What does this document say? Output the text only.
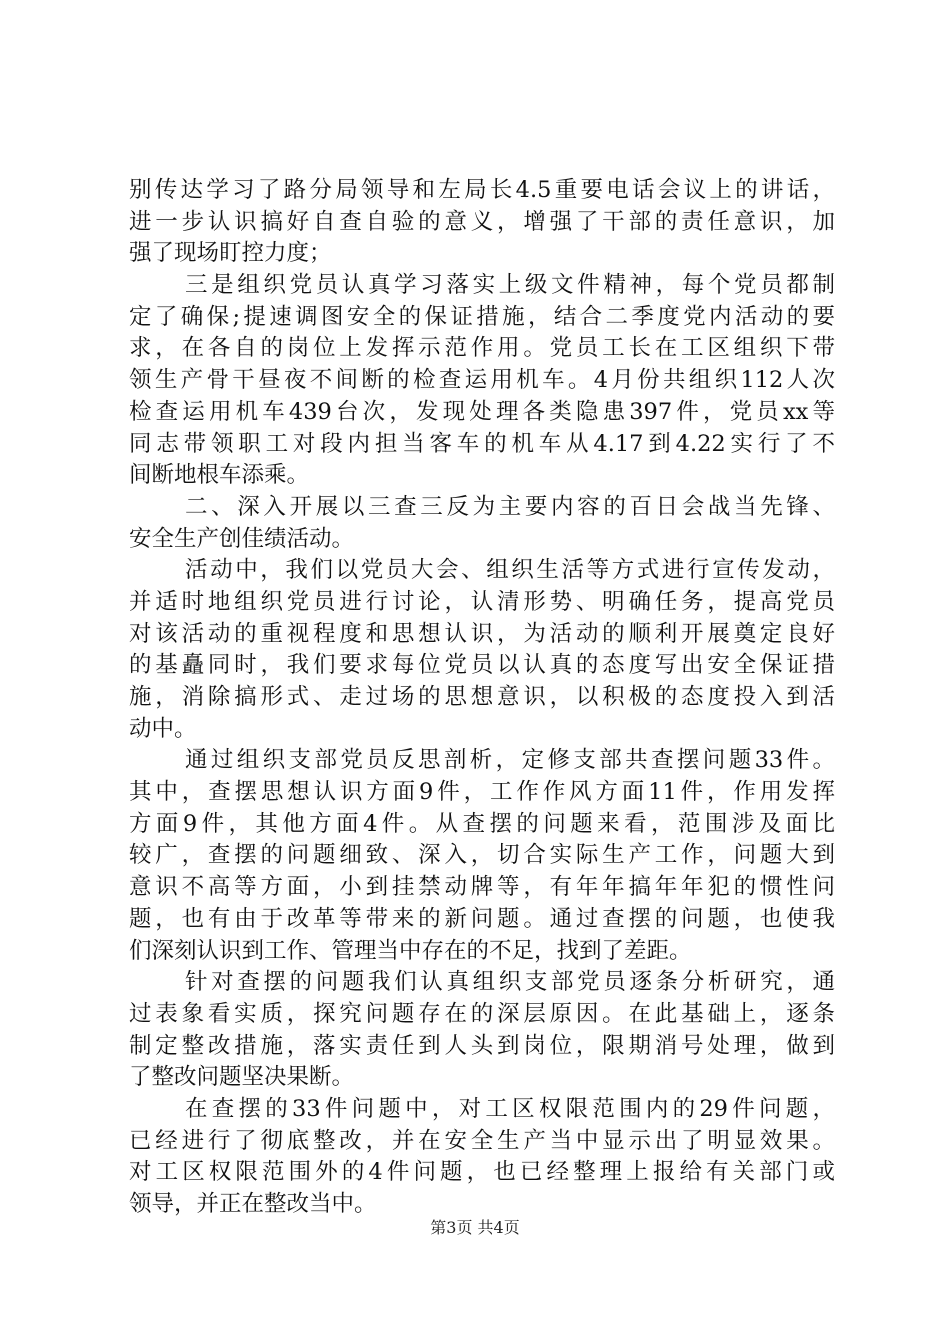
别传达学习了路分局领导和左局长4.5重要电话会议上的讲话，
进一步认识搞好自查自验的意义，增强了干部的责任意识，加
强了现场盯控力度；
三是组织党员认真学习落实上级文件精神，每个党员都制
定了确保;提速调图安全的保证措施，结合二季度党内活动的要
求，在各自的岗位上发挥示范作用。党员工长在工区组织下带
领生产骨干昼夜不间断的检查运用机车。4月份共组织112人次
检查运用机车439台次，发现处理各类隐患397件，党员xx等
同志带领职工对段内担当客车的机车从4.17到4.22实行了不
间断地根车添乘。
二、深入开展以三查三反为主要内容的百日会战当先锋、
安全生产创佳绩活动。
活动中，我们以党员大会、组织生活等方式进行宣传发动，
并适时地组织党员进行讨论，认清形势、明确任务，提高党员
对该活动的重视程度和思想认识，为活动的顺利开展奠定良好
的基矗同时，我们要求每位党员以认真的态度写出安全保证措
施，消除搞形式、走过场的思想意识，以积极的态度投入到活
动中。
通过组织支部党员反思剖析，定修支部共查摆问题33件。
其中，查摆思想认识方面9件，工作作风方面11件，作用发挥
方面9件，其他方面4件。从查摆的问题来看，范围涉及面比
较广，查摆的问题细致、深入，切合实际生产工作，问题大到
意识不高等方面，小到挂禁动牌等，有年年搞年年犯的惯性问
题，也有由于改革等带来的新问题。通过查摆的问题，也使我
们深刻认识到工作、管理当中存在的不足，找到了差距。
针对查摆的问题我们认真组织支部党员逐条分析研究，通
过表象看实质，探究问题存在的深层原因。在此基础上，逐条
制定整改措施，落实责任到人头到岗位，限期消号处理，做到
了整改问题坚决果断。
在查摆的33件问题中，对工区权限范围内的29件问题，
已经进行了彻底整改，并在安全生产当中显示出了明显效果。
对工区权限范围外的4件问题，也已经整理上报给有关部门或
领导，并正在整改当中。
第3页 共4页
